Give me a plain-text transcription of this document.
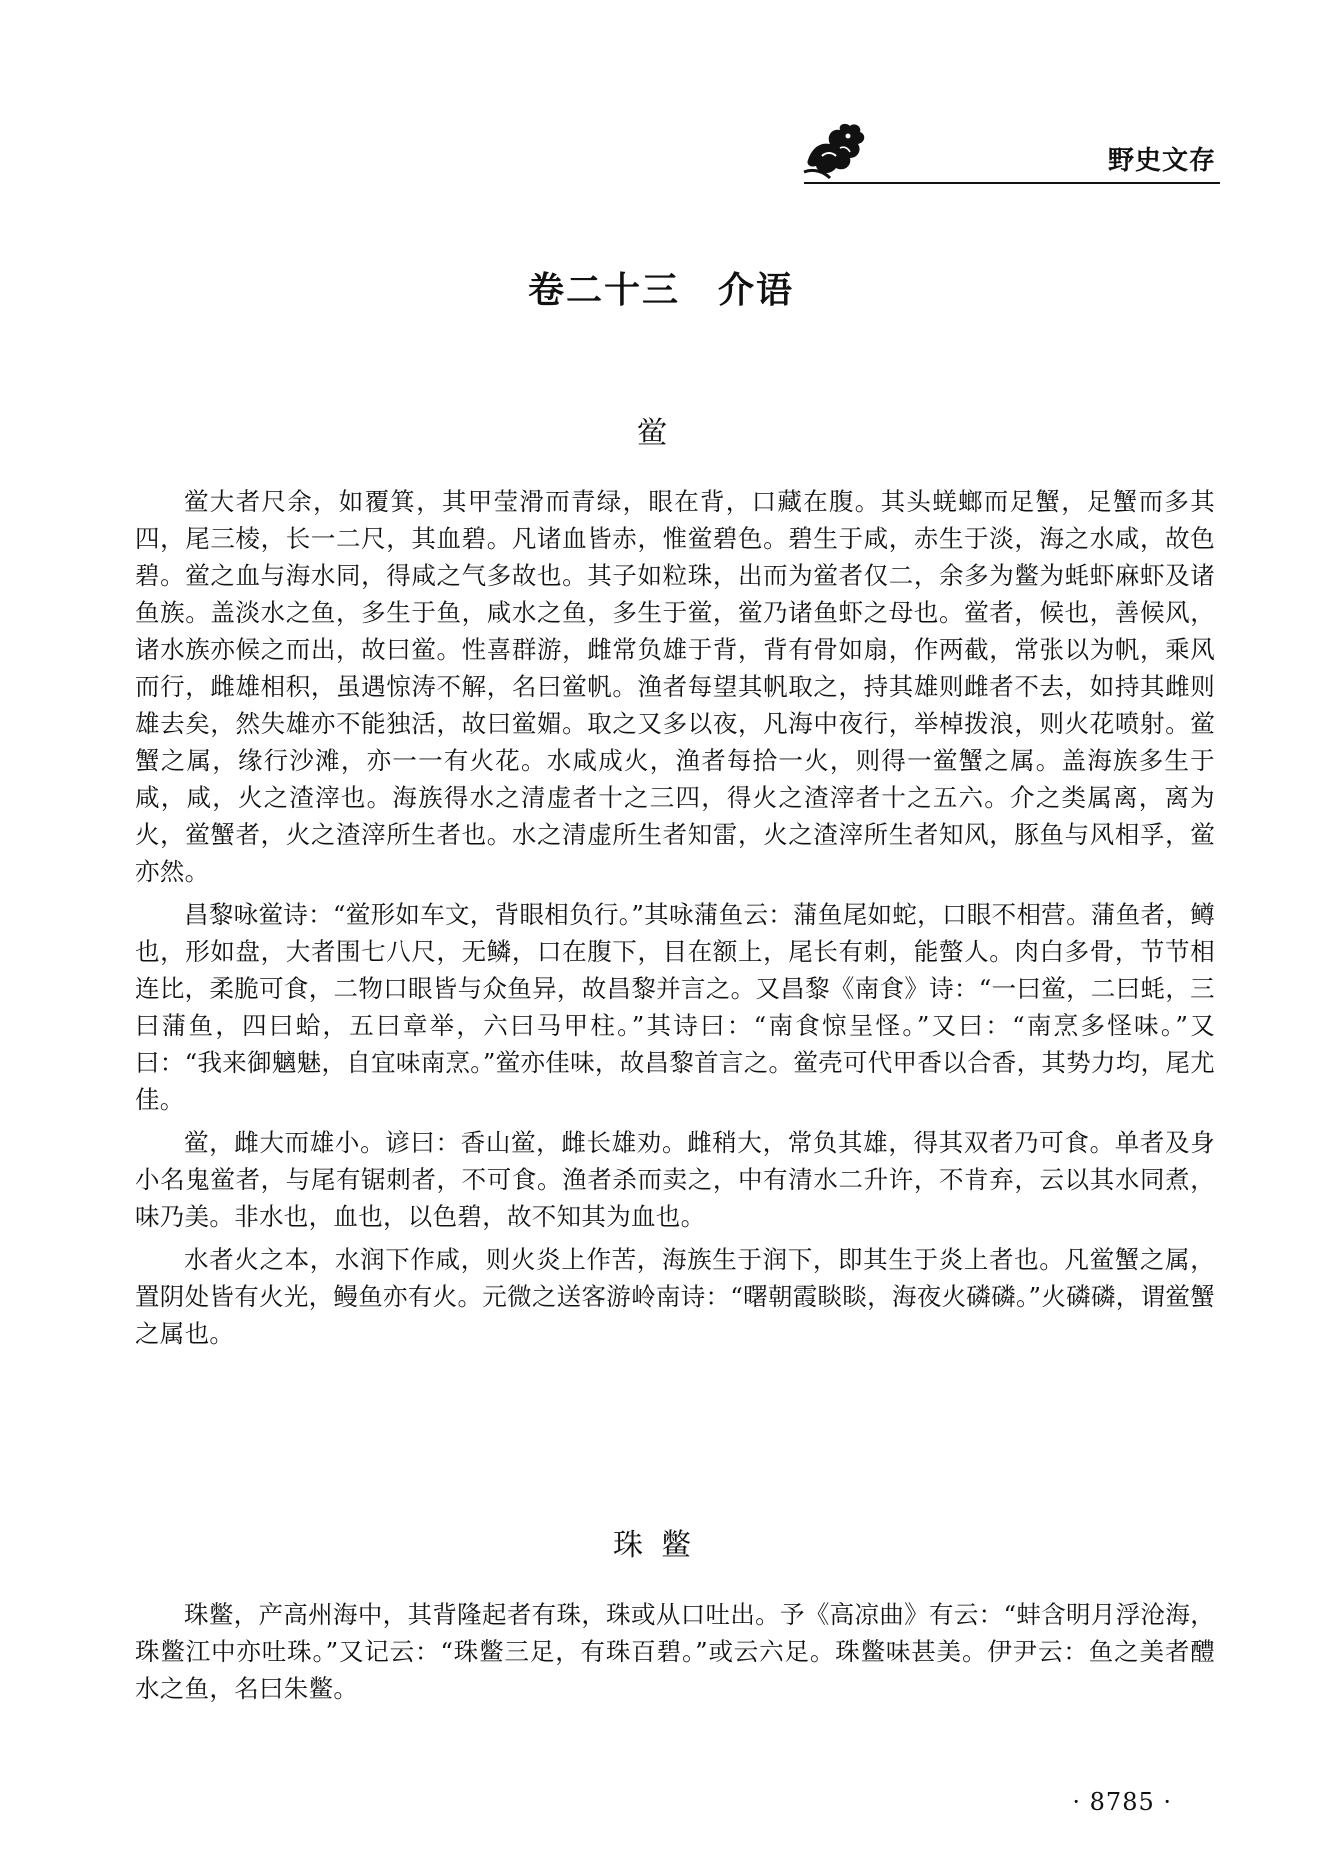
野史文存
卷二十三　介语
鲎

鲎大者尺余，如覆箕，其甲莹滑而青绿，眼在背，口藏在腹。其头蜣螂而足蟹，足蟹而多其四，尾三棱，长一二尺，其血碧。凡诸血皆赤，惟鲎碧色。碧生于咸，赤生于淡，海之水咸，故色碧。鲎之血与海水同，得咸之气多故也。其子如粒珠，出而为鲎者仅二，余多为鳖为蚝虾麻虾及诸鱼族。盖淡水之鱼，多生于鱼，咸水之鱼，多生于鲎，鲎乃诸鱼虾之母也。鲎者，候也，善候风，诸水族亦候之而出，故曰鲎。性喜群游，雌常负雄于背，背有骨如扇，作两截，常张以为帆，乘风而行，雌雄相积，虽遇惊涛不解，名曰鲎帆。渔者每望其帆取之，持其雄则雌者不去，如持其雌则雄去矣，然失雄亦不能独活，故曰鲎媚。取之又多以夜，凡海中夜行，举棹拨浪，则火花喷射。鲎蟹之属，缘行沙滩，亦一一有火花。水咸成火，渔者每拾一火，则得一鲎蟹之属。盖海族多生于咸，咸，火之渣滓也。海族得水之清虚者十之三四，得火之渣滓者十之五六。介之类属离，离为火，鲎蟹者，火之渣滓所生者也。水之清虚所生者知雷，火之渣滓所生者知风，豚鱼与风相孚，鲎亦然。

昌黎咏鲎诗：“鲎形如车文，背眼相负行。”其咏蒲鱼云：蒲鱼尾如蛇，口眼不相营。蒲鱼者，鳟也，形如盘，大者围七八尺，无鳞，口在腹下，目在额上，尾长有刺，能螫人。肉白多骨，节节相连比，柔脆可食，二物口眼皆与众鱼异，故昌黎并言之。又昌黎《南食》诗：“一曰鲎，二曰蚝，三曰蒲鱼，四曰蛤，五曰章举，六曰马甲柱。”其诗曰：“南食惊呈怪。”又曰：“南烹多怪味。”又曰：“我来御魑魅，自宜味南烹。”鲎亦佳味，故昌黎首言之。鲎壳可代甲香以合香，其势力均，尾尤佳。

鲎，雌大而雄小。谚曰：香山鲎，雌长雄劝。雌稍大，常负其雄，得其双者乃可食。单者及身小名鬼鲎者，与尾有锯刺者，不可食。渔者杀而卖之，中有清水二升许，不肯弃，云以其水同煮，味乃美。非水也，血也，以色碧，故不知其为血也。

水者火之本，水润下作咸，则火炎上作苦，海族生于润下，即其生于炎上者也。凡鲎蟹之属，置阴处皆有火光，鳗鱼亦有火。元微之送客游岭南诗：“曙朝霞睒睒，海夜火磷磷。”火磷磷，谓鲎蟹之属也。

珠鳖

珠鳖，产高州海中，其背隆起者有珠，珠或从口吐出。予《高凉曲》有云：“蚌含明月浮沧海，珠鳖江中亦吐珠。”又记云：“珠鳖三足，有珠百碧。”或云六足。珠鳖味甚美。伊尹云：鱼之美者醴水之鱼，名曰朱鳖。

· 8785 ·
